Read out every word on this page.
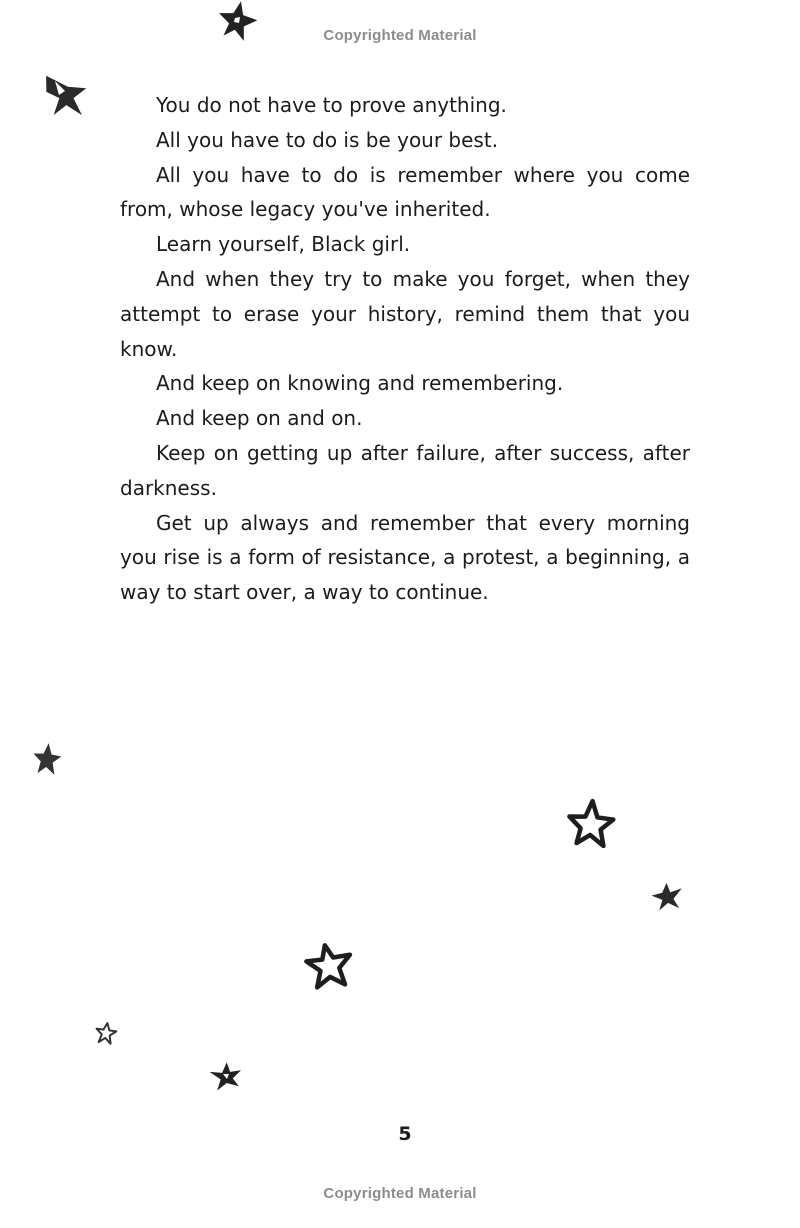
Copyrighted Material

You do not have to prove anything.

All you have to do is be your best.

All you have to do is remember where you come from, whose legacy you've inherited.

Learn yourself, Black girl.

And when they try to make you forget, when they attempt to erase your history, remind them that you know.

And keep on knowing and remembering.

And keep on and on.

Keep on getting up after failure, after success, after darkness.

Get up always and remember that every morning you rise is a form of resistance, a protest, a beginning, a way to start over, a way to continue.

5
Copyrighted Material
